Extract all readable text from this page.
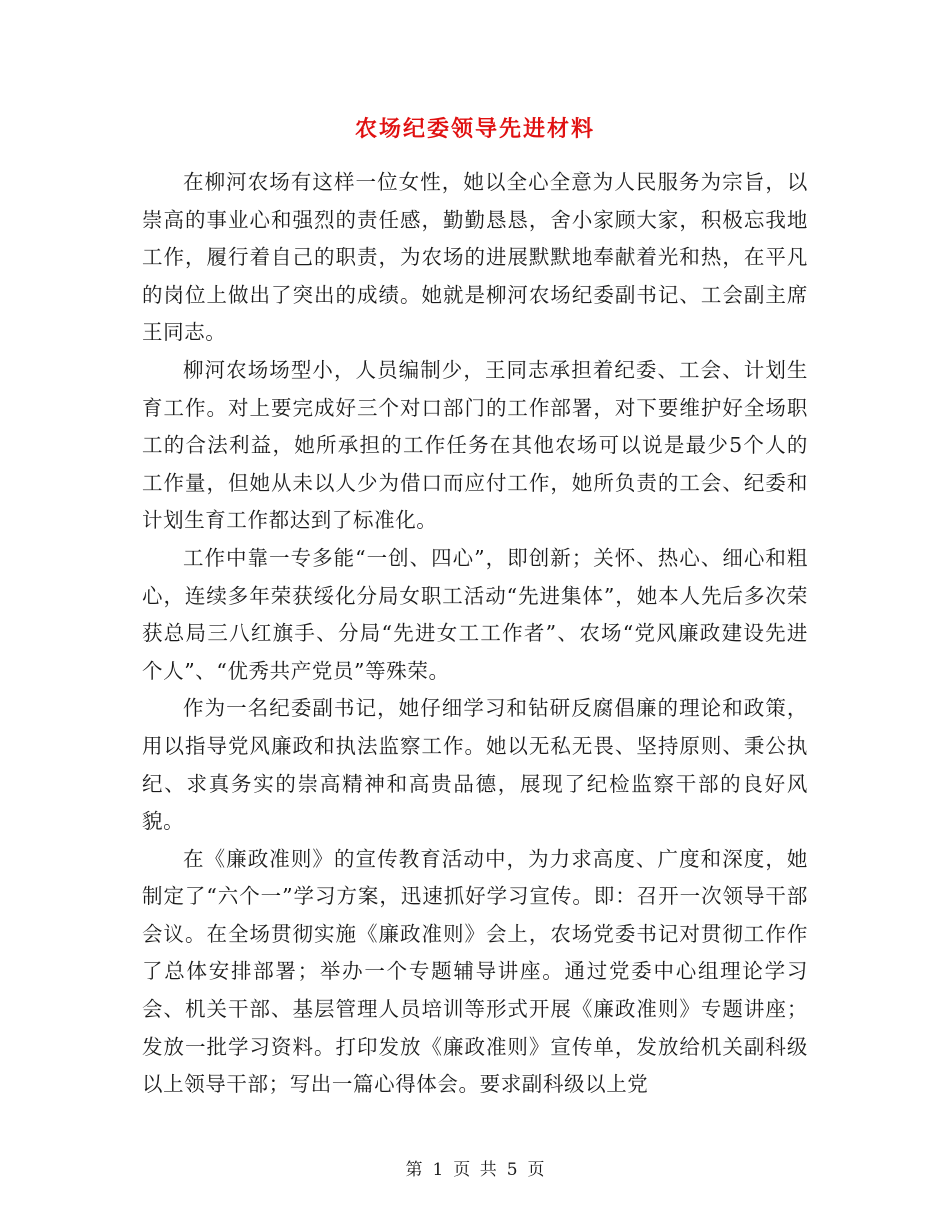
农场纪委领导先进材料

在柳河农场有这样一位女性，她以全心全意为人民服务为宗旨，以崇高的事业心和强烈的责任感，勤勤恳恳，舍小家顾大家，积极忘我地工作，履行着自己的职责，为农场的进展默默地奉献着光和热，在平凡的岗位上做出了突出的成绩。她就是柳河农场纪委副书记、工会副主席王同志。

柳河农场场型小，人员编制少，王同志承担着纪委、工会、计划生育工作。对上要完成好三个对口部门的工作部署，对下要维护好全场职工的合法利益，她所承担的工作任务在其他农场可以说是最少5个人的工作量，但她从未以人少为借口而应付工作，她所负责的工会、纪委和计划生育工作都达到了标准化。

工作中靠一专多能“一创、四心”，即创新；关怀、热心、细心和粗心，连续多年荣获绥化分局女职工活动“先进集体”，她本人先后多次荣获总局三八红旗手、分局“先进女工工作者”、农场“党风廉政建设先进个人”、“优秀共产党员”等殊荣。

作为一名纪委副书记，她仔细学习和钻研反腐倡廉的理论和政策，用以指导党风廉政和执法监察工作。她以无私无畏、坚持原则、秉公执纪、求真务实的崇高精神和高贵品德，展现了纪检监察干部的良好风貌。

在《廉政准则》的宣传教育活动中，为力求高度、广度和深度，她制定了“六个一”学习方案，迅速抓好学习宣传。即：召开一次领导干部会议。在全场贯彻实施《廉政准则》会上，农场党委书记对贯彻工作作了总体安排部署；举办一个专题辅导讲座。通过党委中心组理论学习会、机关干部、基层管理人员培训等形式开展《廉政准则》专题讲座；发放一批学习资料。打印发放《廉政准则》宣传单，发放给机关副科级以上领导干部；写出一篇心得体会。要求副科级以上党

第 1 页 共 5 页
